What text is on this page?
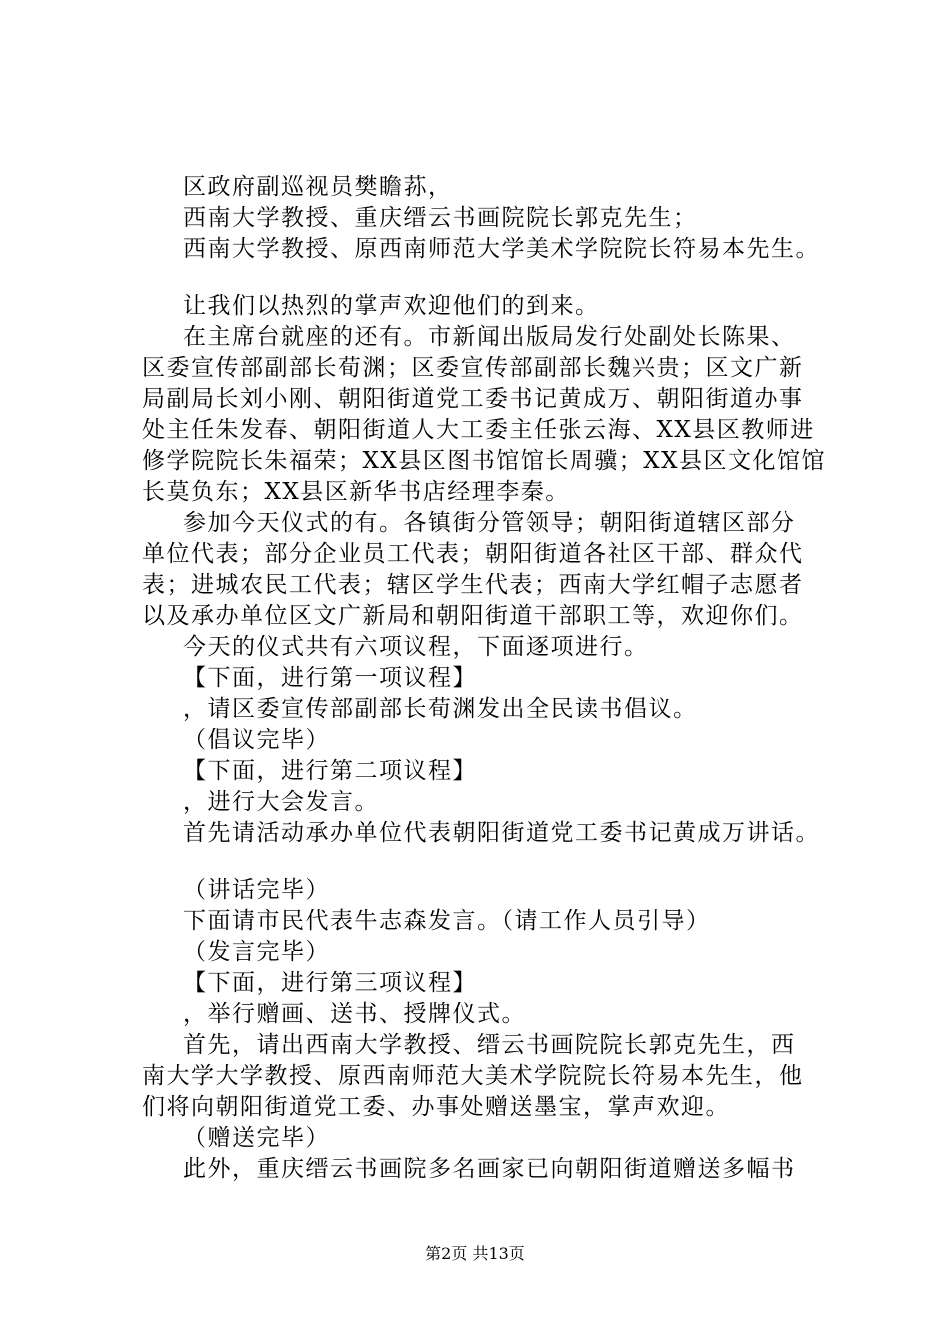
区政府副巡视员樊瞻荪，
西南大学教授、重庆缙云书画院院长郭克先生；
西南大学教授、原西南师范大学美术学院院长符易本先生。
让我们以热烈的掌声欢迎他们的到来。
在主席台就座的还有。市新闻出版局发行处副处长陈果、
区委宣传部副部长荀渊；区委宣传部副部长魏兴贵；区文广新
局副局长刘小刚、朝阳街道党工委书记黄成万、朝阳街道办事
处主任朱发春、朝阳街道人大工委主任张云海、XX县区教师进
修学院院长朱福荣；XX县区图书馆馆长周骥；XX县区文化馆馆
长莫负东；XX县区新华书店经理李秦。
参加今天仪式的有。各镇街分管领导；朝阳街道辖区部分
单位代表；部分企业员工代表；朝阳街道各社区干部、群众代
表；进城农民工代表；辖区学生代表；西南大学红帽子志愿者
以及承办单位区文广新局和朝阳街道干部职工等，欢迎你们。
今天的仪式共有六项议程，下面逐项进行。
【下面，进行第一项议程】
，请区委宣传部副部长荀渊发出全民读书倡议。
（倡议完毕）
【下面，进行第二项议程】
，进行大会发言。
首先请活动承办单位代表朝阳街道党工委书记黄成万讲话。
（讲话完毕）
下面请市民代表牛志森发言。（请工作人员引导）
（发言完毕）
【下面，进行第三项议程】
，举行赠画、送书、授牌仪式。
首先，请出西南大学教授、缙云书画院院长郭克先生，西
南大学大学教授、原西南师范大美术学院院长符易本先生，他
们将向朝阳街道党工委、办事处赠送墨宝，掌声欢迎。
（赠送完毕）
此外，重庆缙云书画院多名画家已向朝阳街道赠送多幅书
第2页 共13页
